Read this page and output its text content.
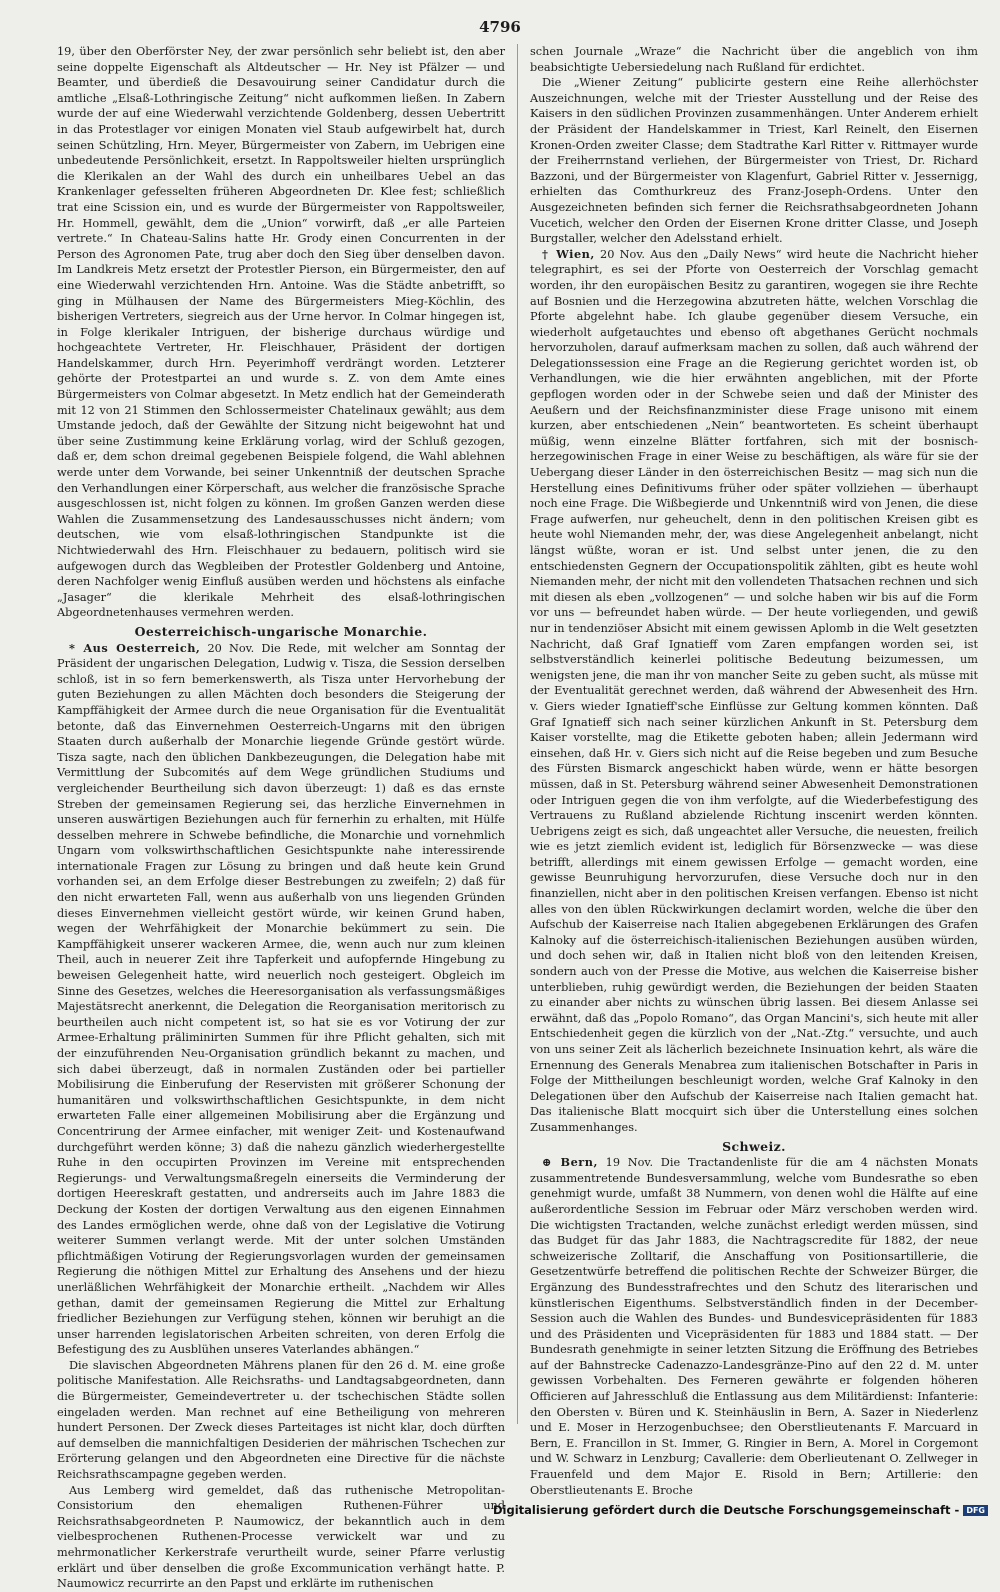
4796

19, über den Oberförster Ney, der zwar persönlich sehr beliebt ist, den aber seine doppelte Eigenschaft als Altdeutscher — Hr. Ney ist Pfälzer — und Beamter, und überdieß die Desavouirung seiner Candidatur durch die amtliche „Elsaß-Lothringische Zeitung“ nicht aufkommen ließen. In Zabern wurde der auf eine Wiederwahl verzichtende Goldenberg, dessen Uebertritt in das Protestlager vor einigen Monaten viel Staub aufgewirbelt hat, durch seinen Schützling, Hrn. Meyer, Bürgermeister von Zabern, im Uebrigen eine unbedeutende Persönlichkeit, ersetzt. In Rappoltsweiler hielten ursprünglich die Klerikalen an der Wahl des durch ein unheilbares Uebel an das Krankenlager gefesselten früheren Abgeordneten Dr. Klee fest; schließlich trat eine Scission ein, und es wurde der Bürgermeister von Rappoltsweiler, Hr. Hommell, gewählt, dem die „Union“ vorwirft, daß „er alle Parteien vertrete.“ In Chateau-Salins hatte Hr. Grody einen Concurrenten in der Person des Agronomen Pate, trug aber doch den Sieg über denselben davon. Im Landkreis Metz ersetzt der Protestler Pierson, ein Bürgermeister, den auf eine Wiederwahl verzichtenden Hrn. Antoine. Was die Städte anbetrifft, so ging in Mülhausen der Name des Bürgermeisters Mieg-Köchlin, des bisherigen Vertreters, siegreich aus der Urne hervor. In Colmar hingegen ist, in Folge klerikaler Intriguen, der bisherige durchaus würdige und hochgeachtete Vertreter, Hr. Fleischhauer, Präsident der dortigen Handelskammer, durch Hrn. Peyerimhoff verdrängt worden. Letzterer gehörte der Protestpartei an und wurde s. Z. von dem Amte eines Bürgermeisters von Colmar abgesetzt. In Metz endlich hat der Gemeinderath mit 12 von 21 Stimmen den Schlossermeister Chatelinaux gewählt; aus dem Umstande jedoch, daß der Gewählte der Sitzung nicht beigewohnt hat und über seine Zustimmung keine Erklärung vorlag, wird der Schluß gezogen, daß er, dem schon dreimal gegebenen Beispiele folgend, die Wahl ablehnen werde unter dem Vorwande, bei seiner Unkenntniß der deutschen Sprache den Verhandlungen einer Körperschaft, aus welcher die französische Sprache ausgeschlossen ist, nicht folgen zu können. Im großen Ganzen werden diese Wahlen die Zusammensetzung des Landesausschusses nicht ändern; vom deutschen, wie vom elsaß-lothringischen Standpunkte ist die Nichtwiederwahl des Hrn. Fleischhauer zu bedauern, politisch wird sie aufgewogen durch das Wegbleiben der Protestler Goldenberg und Antoine, deren Nachfolger wenig Einfluß ausüben werden und höchstens als einfache „Jasager“ die klerikale Mehrheit des elsaß-lothringischen Abgeordnetenhauses vermehren werden.

Oesterreichisch-ungarische Monarchie.

* Aus Oesterreich, 20 Nov. Die Rede, mit welcher am Sonntag der Präsident der ungarischen Delegation, Ludwig v. Tisza, die Session derselben schloß, ist in so fern bemerkenswerth, als Tisza unter Hervorhebung der guten Beziehungen zu allen Mächten doch besonders die Steigerung der Kampffähigkeit der Armee durch die neue Organisation für die Eventualität betonte, daß das Einvernehmen Oesterreich-Ungarns mit den übrigen Staaten durch außerhalb der Monarchie liegende Gründe gestört würde. Tisza sagte, nach den üblichen Dankbezeugungen, die Delegation habe mit Vermittlung der Subcomités auf dem Wege gründlichen Studiums und vergleichender Beurtheilung sich davon überzeugt: 1) daß es das ernste Streben der gemeinsamen Regierung sei, das herzliche Einvernehmen in unseren auswärtigen Beziehungen auch für fernerhin zu erhalten, mit Hülfe desselben mehrere in Schwebe befindliche, die Monarchie und vornehmlich Ungarn vom volkswirthschaftlichen Gesichtspunkte nahe interessirende internationale Fragen zur Lösung zu bringen und daß heute kein Grund vorhanden sei, an dem Erfolge dieser Bestrebungen zu zweifeln; 2) daß für den nicht erwarteten Fall, wenn aus außerhalb von uns liegenden Gründen dieses Einvernehmen vielleicht gestört würde, wir keinen Grund haben, wegen der Wehrfähigkeit der Monarchie bekümmert zu sein. Die Kampffähigkeit unserer wackeren Armee, die, wenn auch nur zum kleinen Theil, auch in neuerer Zeit ihre Tapferkeit und aufopfernde Hingebung zu beweisen Gelegenheit hatte, wird neuerlich noch gesteigert. Obgleich im Sinne des Gesetzes, welches die Heeresorganisation als verfassungsmäßiges Majestätsrecht anerkennt, die Delegation die Reorganisation meritorisch zu beurtheilen auch nicht competent ist, so hat sie es vor Votirung der zur Armee-Erhaltung präliminirten Summen für ihre Pflicht gehalten, sich mit der einzuführenden Neu-Organisation gründlich bekannt zu machen, und sich dabei überzeugt, daß in normalen Zuständen oder bei partieller Mobilisirung die Einberufung der Reservisten mit größerer Schonung der humanitären und volkswirthschaftlichen Gesichtspunkte, in dem nicht erwarteten Falle einer allgemeinen Mobilisirung aber die Ergänzung und Concentrirung der Armee einfacher, mit weniger Zeit- und Kostenaufwand durchgeführt werden könne; 3) daß die nahezu gänzlich wiederhergestellte Ruhe in den occupirten Provinzen im Vereine mit entsprechenden Regierungs- und Verwaltungsmaßregeln einerseits die Verminderung der dortigen Heereskraft gestatten, und andrerseits auch im Jahre 1883 die Deckung der Kosten der dortigen Verwaltung aus den eigenen Einnahmen des Landes ermöglichen werde, ohne daß von der Legislative die Votirung weiterer Summen verlangt werde. Mit der unter solchen Umständen pflichtmäßigen Votirung der Regierungsvorlagen wurden der gemeinsamen Regierung die nöthigen Mittel zur Erhaltung des Ansehens und der hiezu unerläßlichen Wehrfähigkeit der Monarchie ertheilt. „Nachdem wir Alles gethan, damit der gemeinsamen Regierung die Mittel zur Erhaltung friedlicher Beziehungen zur Verfügung stehen, können wir beruhigt an die unser harrenden legislatorischen Arbeiten schreiten, von deren Erfolg die Befestigung des zu Ausblühen unseres Vaterlandes abhängen.“

Die slavischen Abgeordneten Mährens planen für den 26 d. M. eine große politische Manifestation. Alle Reichsraths- und Landtagsabgeordneten, dann die Bürgermeister, Gemeindevertreter u. der tschechischen Städte sollen eingeladen werden. Man rechnet auf eine Betheiligung von mehreren hundert Personen. Der Zweck dieses Parteitages ist nicht klar, doch dürften auf demselben die mannichfaltigen Desiderien der mährischen Tschechen zur Erörterung gelangen und den Abgeordneten eine Directive für die nächste Reichsrathscampagne gegeben werden.

Aus Lemberg wird gemeldet, daß das ruthenische Metropolitan-Consistorium den ehemaligen Ruthenen-Führer und Reichsrathsabgeordneten P. Naumowicz, der bekanntlich auch in dem vielbesprochenen Ruthenen-Processe verwickelt war und zu mehrmonatlicher Kerkerstrafe verurtheilt wurde, seiner Pfarre verlustig erklärt und über denselben die große Excommunication verhängt hatte. P. Naumowicz recurrirte an den Papst und erklärte im ruthenischen

schen Journale „Wraze“ die Nachricht über die angeblich von ihm beabsichtigte Uebersiedelung nach Rußland für erdichtet.

Die „Wiener Zeitung“ publicirte gestern eine Reihe allerhöchster Auszeichnungen, welche mit der Triester Ausstellung und der Reise des Kaisers in den südlichen Provinzen zusammenhängen. Unter Anderem erhielt der Präsident der Handelskammer in Triest, Karl Reinelt, den Eisernen Kronen-Orden zweiter Classe; dem Stadtrathe Karl Ritter v. Rittmayer wurde der Freiherrnstand verliehen, der Bürgermeister von Triest, Dr. Richard Bazzoni, und der Bürgermeister von Klagenfurt, Gabriel Ritter v. Jessernigg, erhielten das Comthurkreuz des Franz-Joseph-Ordens. Unter den Ausgezeichneten befinden sich ferner die Reichsrathsabgeordneten Johann Vucetich, welcher den Orden der Eisernen Krone dritter Classe, und Joseph Burgstaller, welcher den Adelsstand erhielt.

† Wien, 20 Nov. Aus den „Daily News“ wird heute die Nachricht hieher telegraphirt, es sei der Pforte von Oesterreich der Vorschlag gemacht worden, ihr den europäischen Besitz zu garantiren, wogegen sie ihre Rechte auf Bosnien und die Herzegowina abzutreten hätte, welchen Vorschlag die Pforte abgelehnt habe. Ich glaube gegenüber diesem Versuche, ein wiederholt aufgetauchtes und ebenso oft abgethanes Gerücht nochmals hervorzuholen, darauf aufmerksam machen zu sollen, daß auch während der Delegationssession eine Frage an die Regierung gerichtet worden ist, ob Verhandlungen, wie die hier erwähnten angeblichen, mit der Pforte gepflogen worden oder in der Schwebe seien und daß der Minister des Aeußern und der Reichsfinanzminister diese Frage unisono mit einem kurzen, aber entschiedenen „Nein“ beantworteten. Es scheint überhaupt müßig, wenn einzelne Blätter fortfahren, sich mit der bosnisch-herzegowinischen Frage in einer Weise zu beschäftigen, als wäre für sie der Uebergang dieser Länder in den österreichischen Besitz — mag sich nun die Herstellung eines Definitivums früher oder später vollziehen — überhaupt noch eine Frage. Die Wißbegierde und Unkenntniß wird von Jenen, die diese Frage aufwerfen, nur geheuchelt, denn in den politischen Kreisen gibt es heute wohl Niemanden mehr, der, was diese Angelegenheit anbelangt, nicht längst wüßte, woran er ist. Und selbst unter jenen, die zu den entschiedensten Gegnern der Occupationspolitik zählten, gibt es heute wohl Niemanden mehr, der nicht mit den vollendeten Thatsachen rechnen und sich mit diesen als eben „vollzogenen“ — und solche haben wir bis auf die Form vor uns — befreundet haben würde. — Der heute vorliegenden, und gewiß nur in tendenziöser Absicht mit einem gewissen Aplomb in die Welt gesetzten Nachricht, daß Graf Ignatieff vom Zaren empfangen worden sei, ist selbstverständlich keinerlei politische Bedeutung beizumessen, um wenigsten jene, die man ihr von mancher Seite zu geben sucht, als müsse mit der Eventualität gerechnet werden, daß während der Abwesenheit des Hrn. v. Giers wieder Ignatieff'sche Einflüsse zur Geltung kommen könnten. Daß Graf Ignatieff sich nach seiner kürzlichen Ankunft in St. Petersburg dem Kaiser vorstellte, mag die Etikette geboten haben; allein Jedermann wird einsehen, daß Hr. v. Giers sich nicht auf die Reise begeben und zum Besuche des Fürsten Bismarck angeschickt haben würde, wenn er hätte besorgen müssen, daß in St. Petersburg während seiner Abwesenheit Demonstrationen oder Intriguen gegen die von ihm verfolgte, auf die Wiederbefestigung des Vertrauens zu Rußland abzielende Richtung inscenirt werden könnten. Uebrigens zeigt es sich, daß ungeachtet aller Versuche, die neuesten, freilich wie es jetzt ziemlich evident ist, lediglich für Börsenzwecke — was diese betrifft, allerdings mit einem gewissen Erfolge — gemacht worden, eine gewisse Beunruhigung hervorzurufen, diese Versuche doch nur in den finanziellen, nicht aber in den politischen Kreisen verfangen. Ebenso ist nicht alles von den üblen Rückwirkungen declamirt worden, welche die über den Aufschub der Kaiserreise nach Italien abgegebenen Erklärungen des Grafen Kalnoky auf die österreichisch-italienischen Beziehungen ausüben würden, und doch sehen wir, daß in Italien nicht bloß von den leitenden Kreisen, sondern auch von der Presse die Motive, aus welchen die Kaiserreise bisher unterblieben, ruhig gewürdigt werden, die Beziehungen der beiden Staaten zu einander aber nichts zu wünschen übrig lassen. Bei diesem Anlasse sei erwähnt, daß das „Popolo Romano“, das Organ Mancini's, sich heute mit aller Entschiedenheit gegen die kürzlich von der „Nat.-Ztg.“ versuchte, und auch von uns seiner Zeit als lächerlich bezeichnete Insinuation kehrt, als wäre die Ernennung des Generals Menabrea zum italienischen Botschafter in Paris in Folge der Mittheilungen beschleunigt worden, welche Graf Kalnoky in den Delegationen über den Aufschub der Kaiserreise nach Italien gemacht hat. Das italienische Blatt mocquirt sich über die Unterstellung eines solchen Zusammenhanges.

Schweiz.

⊕ Bern, 19 Nov. Die Tractandenliste für die am 4 nächsten Monats zusammentretende Bundesversammlung, welche vom Bundesrathe so eben genehmigt wurde, umfaßt 38 Nummern, von denen wohl die Hälfte auf eine außerordentliche Session im Februar oder März verschoben werden wird. Die wichtigsten Tractanden, welche zunächst erledigt werden müssen, sind das Budget für das Jahr 1883, die Nachtragscredite für 1882, der neue schweizerische Zolltarif, die Anschaffung von Positionsartillerie, die Gesetzentwürfe betreffend die politischen Rechte der Schweizer Bürger, die Ergänzung des Bundesstrafrechtes und den Schutz des literarischen und künstlerischen Eigenthums. Selbstverständlich finden in der December-Session auch die Wahlen des Bundes- und Bundesvicepräsidenten für 1883 und des Präsidenten und Vicepräsidenten für 1883 und 1884 statt. — Der Bundesrath genehmigte in seiner letzten Sitzung die Eröffnung des Betriebes auf der Bahnstrecke Cadenazzo-Landesgränze-Pino auf den 22 d. M. unter gewissen Vorbehalten. Des Ferneren gewährte er folgenden höheren Officieren auf Jahresschluß die Entlassung aus dem Militärdienst: Infanterie: den Obersten v. Büren und K. Steinhäuslin in Bern, A. Sazer in Niederlenz und E. Moser in Herzogenbuchsee; den Oberstlieutenants F. Marcuard in Bern, E. Francillon in St. Immer, G. Ringier in Bern, A. Morel in Corgemont und W. Schwarz in Lenzburg; Cavallerie: dem Oberlieutenant O. Zellweger in Frauenfeld und dem Major E. Risold in Bern; Artillerie: den Oberstlieutenants E. Broche

Digitalisierung gefördert durch die Deutsche Forschungsgemeinschaft - DFG
